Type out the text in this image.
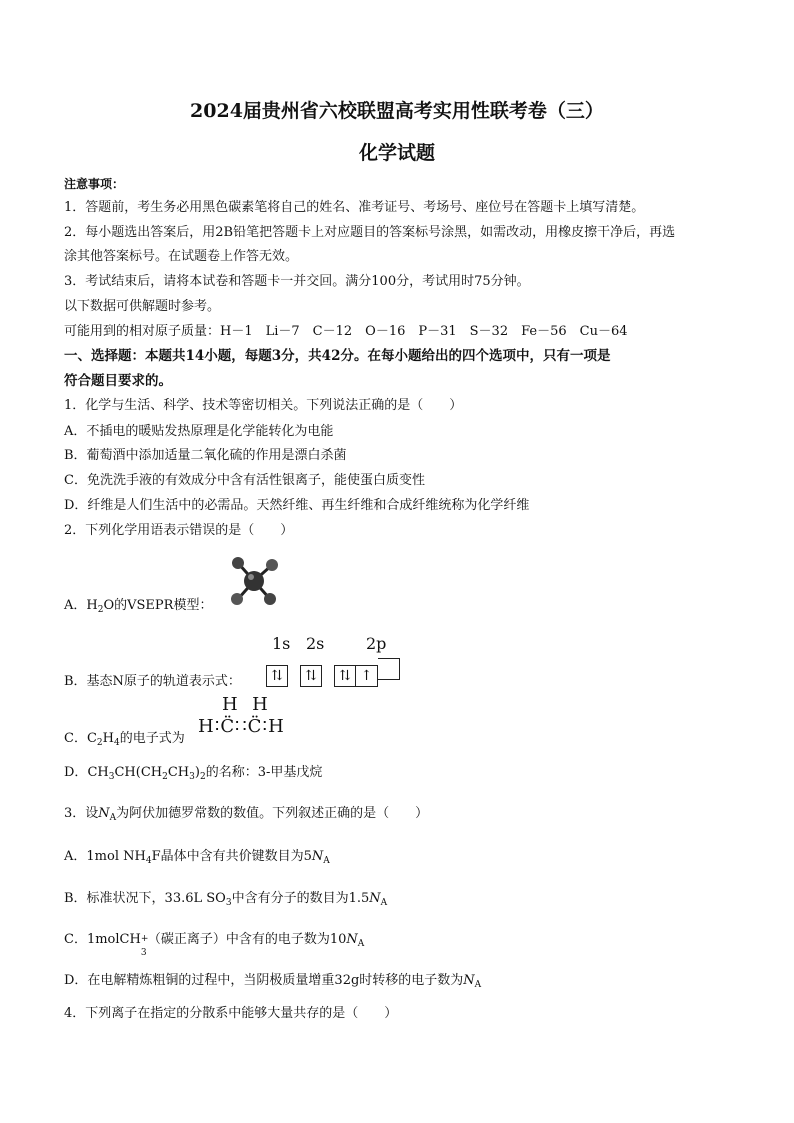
2024届贵州省六校联盟高考实用性联考卷（三）
化学试题
注意事项：
1．答题前，考生务必用黑色碳素笔将自己的姓名、准考证号、考场号、座位号在答题卡上填写清楚。
2．每小题选出答案后，用2B铅笔把答题卡上对应题目的答案标号涂黑，如需改动，用橡皮擦干净后，再选
涂其他答案标号。在试题卷上作答无效。
3．考试结束后，请将本试卷和答题卡一并交回。满分100分，考试用时75分钟。
以下数据可供解题时参考。
可能用到的相对原子质量：H－1　Li－7　C－12　O－16　P－31　S－32　Fe－56　Cu－64
一、选择题：本题共14小题，每题3分，共42分。在每小题给出的四个选项中，只有一项是
符合题目要求的。
1．化学与生活、科学、技术等密切相关。下列说法正确的是（　　）
A．不插电的暖贴发热原理是化学能转化为电能
B．葡萄酒中添加适量二氧化硫的作用是漂白杀菌
C．免洗洗手液的有效成分中含有活性银离子，能使蛋白质变性
D．纤维是人们生活中的必需品。天然纤维、再生纤维和合成纤维统称为化学纤维
2．下列化学用语表示错误的是（　　）
A．$H_2O$的VSEPR模型：
B．基态N原子的轨道表示式：
1s 2s	2p
⇅ ⇅ ⇅ ↑
C．$C_2H_4$的电子式为
H  H
H∶C̈∷C̈∶H
D．$CH_3CH(CH_2CH_3)_2$的名称：3-甲基戊烷
3．设$N_A$为阿伏加德罗常数的数值。下列叙述正确的是（　　）
A．1mol $NH_4F$晶体中含有共价键数目为$5N_A$
B．标准状况下，33.6L $SO_3$中含有分子的数目为$1.5N_A$
C．1molCH +
3
（碳正离子）中含有的电子数为$10N_A$
D．在电解精炼粗铜的过程中，当阴极质量增重32g时转移的电子数为$N_A$
4．下列离子在指定的分散系中能够大量共存的是（　　）
